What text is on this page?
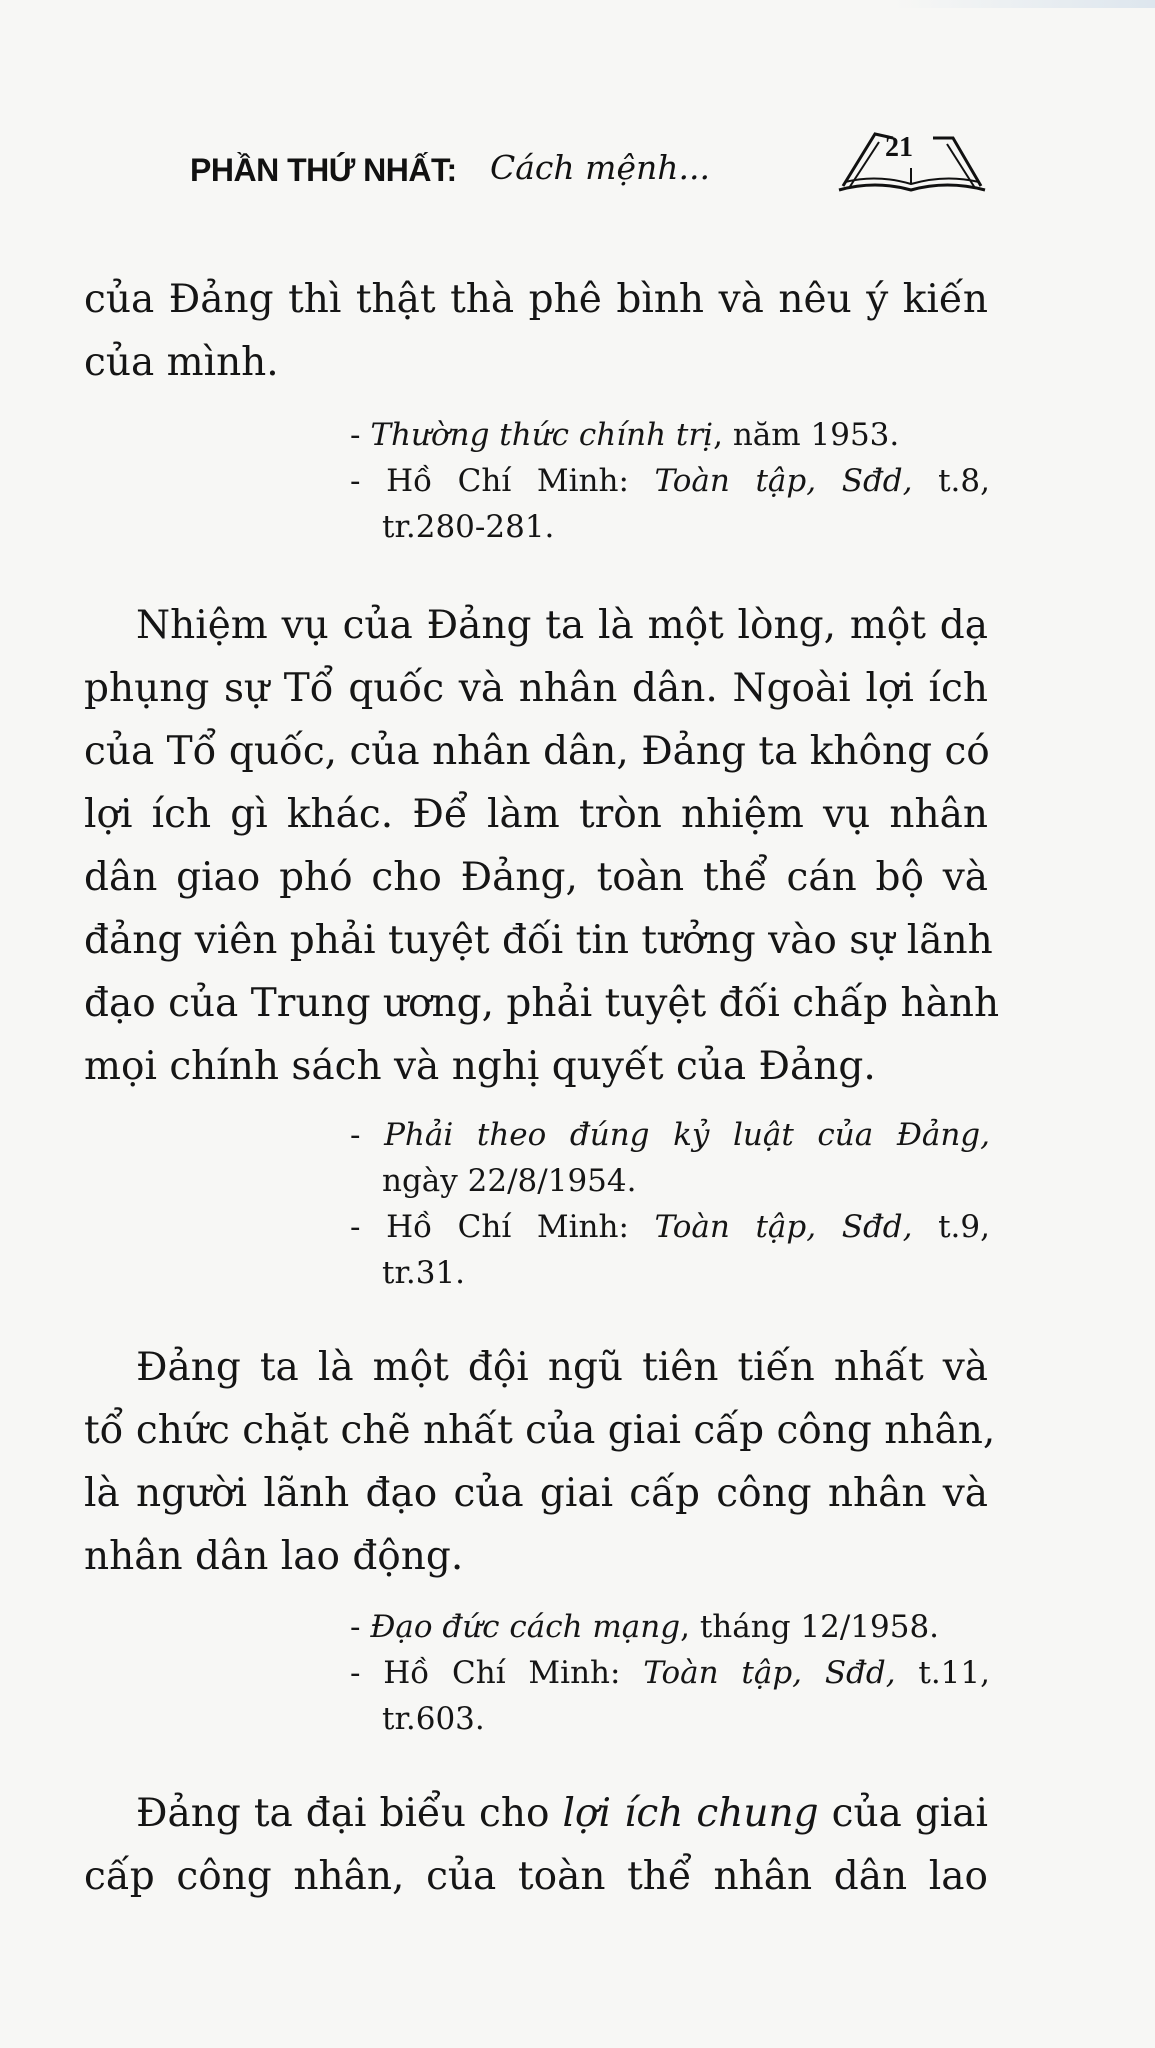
PHẦN THỨ NHẤT: Cách mệnh...
21

của Đảng thì thật thà phê bình và nêu ý kiến
của mình.

- Thường thức chính trị, năm 1953.
- Hồ Chí Minh: Toàn tập, Sđd, t.8,
tr.280-281.

Nhiệm vụ của Đảng ta là một lòng, một dạ
phụng sự Tổ quốc và nhân dân. Ngoài lợi ích
của Tổ quốc, của nhân dân, Đảng ta không có
lợi ích gì khác. Để làm tròn nhiệm vụ nhân
dân giao phó cho Đảng, toàn thể cán bộ và
đảng viên phải tuyệt đối tin tưởng vào sự lãnh
đạo của Trung ương, phải tuyệt đối chấp hành
mọi chính sách và nghị quyết của Đảng.

- Phải theo đúng kỷ luật của Đảng,
ngày 22/8/1954.
- Hồ Chí Minh: Toàn tập, Sđd, t.9,
tr.31.

Đảng ta là một đội ngũ tiên tiến nhất và
tổ chức chặt chẽ nhất của giai cấp công nhân,
là người lãnh đạo của giai cấp công nhân và
nhân dân lao động.

- Đạo đức cách mạng, tháng 12/1958.
- Hồ Chí Minh: Toàn tập, Sđd, t.11,
tr.603.

Đảng ta đại biểu cho lợi ích chung của giai
cấp công nhân, của toàn thể nhân dân lao
